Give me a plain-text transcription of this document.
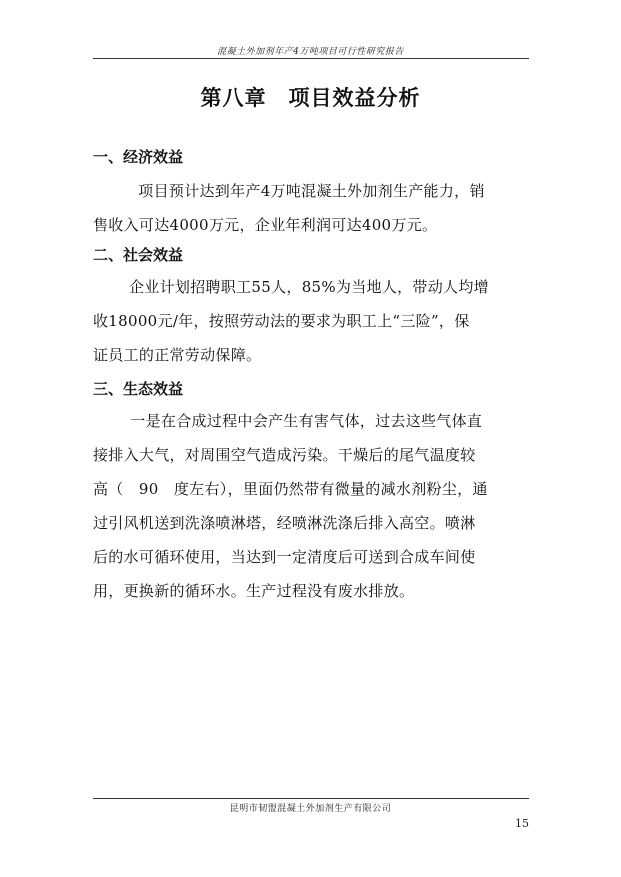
混凝土外加剂年产4万吨项目可行性研究报告
第八章　项目效益分析
一、经济效益
　项目预计达到年产4万吨混凝土外加剂生产能力，销
售收入可达4000万元，企业年利润可达400万元。
二、社会效益
企业计划招聘职工55人，85%为当地人，带动人均增
收18000元/年，按照劳动法的要求为职工上“三险”，保
证员工的正常劳动保障。
三、生态效益
　一是在合成过程中会产生有害气体，过去这些气体直
接排入大气，对周围空气造成污染。干燥后的尾气温度较
高（　90　度左右），里面仍然带有微量的减水剂粉尘，通
过引风机送到洗涤喷淋塔，经喷淋洗涤后排入高空。喷淋
后的水可循环使用，当达到一定清度后可送到合成车间使
用，更换新的循环水。生产过程没有废水排放。
昆明市韧盟混凝土外加剂生产有限公司
15
